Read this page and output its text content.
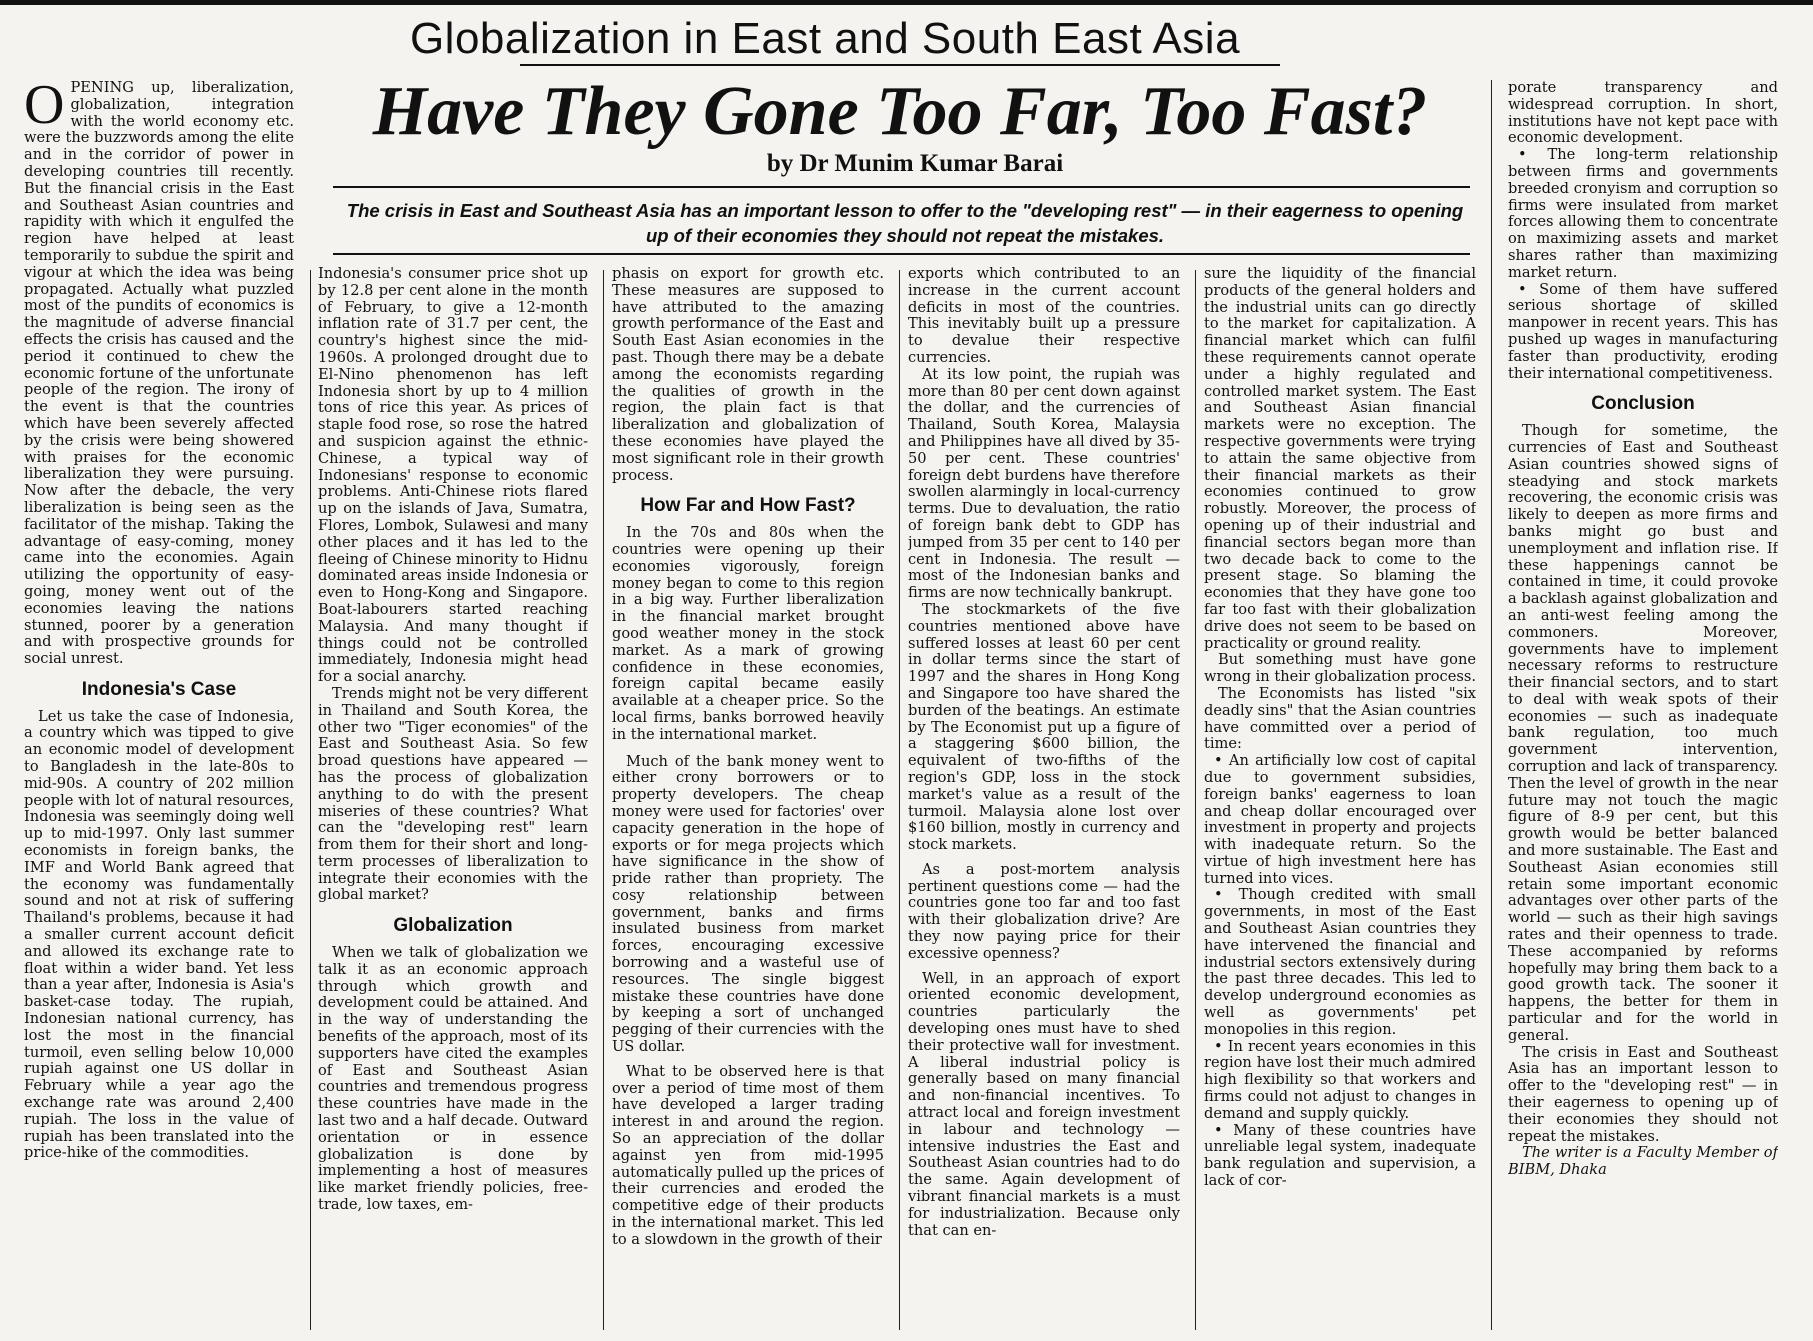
Globalization in East and South East Asia
Have They Gone Too Far, Too Fast?
by Dr Munim Kumar Barai
The crisis in East and Southeast Asia has an important lesson to offer to the "developing rest" — in their eagerness to opening up of their economies they should not repeat the mistakes.

OPENING up, liberalization, globalization, integration with the world economy etc. were the buzzwords among the elite and in the corridor of power in developing countries till recently. But the financial crisis in the East and Southeast Asian countries and rapidity with which it engulfed the region have helped at least temporarily to subdue the spirit and vigour at which the idea was being propagated. Actually what puzzled most of the pundits of economics is the magnitude of adverse financial effects the crisis has caused and the period it continued to chew the economic fortune of the unfortunate people of the region. The irony of the event is that the countries which have been severely affected by the crisis were being showered with praises for the economic liberalization they were pursuing. Now after the debacle, the very liberalization is being seen as the facilitator of the mishap. Taking the advantage of easy-coming, money came into the economies. Again utilizing the opportunity of easy-going, money went out of the economies leaving the nations stunned, poorer by a generation and with prospective grounds for social unrest.

Indonesia's Case

Let us take the case of Indonesia, a country which was tipped to give an economic model of development to Bangladesh in the late-80s to mid-90s. A country of 202 million people with lot of natural resources, Indonesia was seemingly doing well up to mid-1997. Only last summer economists in foreign banks, the IMF and World Bank agreed that the economy was fundamentally sound and not at risk of suffering Thailand's problems, because it had a smaller current account deficit and allowed its exchange rate to float within a wider band. Yet less than a year after, Indonesia is Asia's basket-case today. The rupiah, Indonesian national currency, has lost the most in the financial turmoil, even selling below 10,000 rupiah against one US dollar in February while a year ago the exchange rate was around 2,400 rupiah. The loss in the value of rupiah has been translated into the price-hike of the commodities.

Indonesia's consumer price shot up by 12.8 per cent alone in the month of February, to give a 12-month inflation rate of 31.7 per cent, the country's highest since the mid-1960s. A prolonged drought due to El-Nino phenomenon has left Indonesia short by up to 4 million tons of rice this year. As prices of staple food rose, so rose the hatred and suspicion against the ethnic-Chinese, a typical way of Indonesians' response to economic problems. Anti-Chinese riots flared up on the islands of Java, Sumatra, Flores, Lombok, Sulawesi and many other places and it has led to the fleeing of Chinese minority to Hidnu dominated areas inside Indonesia or even to Hong-Kong and Singapore. Boat-labourers started reaching Malaysia. And many thought if things could not be controlled immediately, Indonesia might head for a social anarchy.

Trends might not be very different in Thailand and South Korea, the other two "Tiger economies" of the East and Southeast Asia. So few broad questions have appeared — has the process of globalization anything to do with the present miseries of these countries? What can the "developing rest" learn from them for their short and long-term processes of liberalization to integrate their economies with the global market?

Globalization

When we talk of globalization we talk it as an economic approach through which growth and development could be attained. And in the way of understanding the benefits of the approach, most of its supporters have cited the examples of East and Southeast Asian countries and tremendous progress these countries have made in the last two and a half decade. Outward orientation or in essence globalization is done by implementing a host of measures like market friendly policies, free-trade, low taxes, em-

phasis on export for growth etc. These measures are supposed to have attributed to the amazing growth performance of the East and South East Asian economies in the past. Though there may be a debate among the economists regarding the qualities of growth in the region, the plain fact is that liberalization and globalization of these economies have played the most significant role in their growth process.

How Far and How Fast?

In the 70s and 80s when the countries were opening up their economies vigorously, foreign money began to come to this region in a big way. Further liberalization in the financial market brought good weather money in the stock market. As a mark of growing confidence in these economies, foreign capital became easily available at a cheaper price. So the local firms, banks borrowed heavily in the international market.

Much of the bank money went to either crony borrowers or to property developers. The cheap money were used for factories' over capacity generation in the hope of exports or for mega projects which have significance in the show of pride rather than propriety. The cosy relationship between government, banks and firms insulated business from market forces, encouraging excessive borrowing and a wasteful use of resources. The single biggest mistake these countries have done by keeping a sort of unchanged pegging of their currencies with the US dollar.

What to be observed here is that over a period of time most of them have developed a larger trading interest in and around the region. So an appreciation of the dollar against yen from mid-1995 automatically pulled up the prices of their currencies and eroded the competitive edge of their products in the international market. This led to a slowdown in the growth of their

exports which contributed to an increase in the current account deficits in most of the countries. This inevitably built up a pressure to devalue their respective currencies.

At its low point, the rupiah was more than 80 per cent down against the dollar, and the currencies of Thailand, South Korea, Malaysia and Philippines have all dived by 35-50 per cent. These countries' foreign debt burdens have therefore swollen alarmingly in local-currency terms. Due to devaluation, the ratio of foreign bank debt to GDP has jumped from 35 per cent to 140 per cent in Indonesia. The result — most of the Indonesian banks and firms are now technically bankrupt.

The stockmarkets of the five countries mentioned above have suffered losses at least 60 per cent in dollar terms since the start of 1997 and the shares in Hong Kong and Singapore too have shared the burden of the beatings. An estimate by The Economist put up a figure of a staggering $600 billion, the equivalent of two-fifths of the region's GDP, loss in the stock market's value as a result of the turmoil. Malaysia alone lost over $160 billion, mostly in currency and stock markets.

As a post-mortem analysis pertinent questions come — had the countries gone too far and too fast with their globalization drive? Are they now paying price for their excessive openness?

Well, in an approach of export oriented economic development, countries particularly the developing ones must have to shed their protective wall for investment. A liberal industrial policy is generally based on many financial and non-financial incentives. To attract local and foreign investment in labour and technology — intensive industries the East and Southeast Asian countries had to do the same. Again development of vibrant financial markets is a must for industrialization. Because only that can en-

sure the liquidity of the financial products of the general holders and the industrial units can go directly to the market for capitalization. A financial market which can fulfil these requirements cannot operate under a highly regulated and controlled market system. The East and Southeast Asian financial markets were no exception. The respective governments were trying to attain the same objective from their financial markets as their economies continued to grow robustly. Moreover, the process of opening up of their industrial and financial sectors began more than two decade back to come to the present stage. So blaming the economies that they have gone too far too fast with their globalization drive does not seem to be based on practicality or ground reality.

But something must have gone wrong in their globalization process.

The Economists has listed "six deadly sins" that the Asian countries have committed over a period of time:

• An artificially low cost of capital due to government subsidies, foreign banks' eagerness to loan and cheap dollar encouraged over investment in property and projects with inadequate return. So the virtue of high investment here has turned into vices.

• Though credited with small governments, in most of the East and Southeast Asian countries they have intervened the financial and industrial sectors extensively during the past three decades. This led to develop underground economies as well as governments' pet monopolies in this region.

• In recent years economies in this region have lost their much admired high flexibility so that workers and firms could not adjust to changes in demand and supply quickly.

• Many of these countries have unreliable legal system, inadequate bank regulation and supervision, a lack of cor-

porate transparency and widespread corruption. In short, institutions have not kept pace with economic development.

• The long-term relationship between firms and governments breeded cronyism and corruption so firms were insulated from market forces allowing them to concentrate on maximizing assets and market shares rather than maximizing market return.

• Some of them have suffered serious shortage of skilled manpower in recent years. This has pushed up wages in manufacturing faster than productivity, eroding their international competitiveness.

Conclusion

Though for sometime, the currencies of East and Southeast Asian countries showed signs of steadying and stock markets recovering, the economic crisis was likely to deepen as more firms and banks might go bust and unemployment and inflation rise. If these happenings cannot be contained in time, it could provoke a backlash against globalization and an anti-west feeling among the commoners. Moreover, governments have to implement necessary reforms to restructure their financial sectors, and to start to deal with weak spots of their economies — such as inadequate bank regulation, too much government intervention, corruption and lack of transparency. Then the level of growth in the near future may not touch the magic figure of 8-9 per cent, but this growth would be better balanced and more sustainable. The East and Southeast Asian economies still retain some important economic advantages over other parts of the world — such as their high savings rates and their openness to trade. These accompanied by reforms hopefully may bring them back to a good growth tack. The sooner it happens, the better for them in particular and for the world in general.

The crisis in East and Southeast Asia has an important lesson to offer to the "developing rest" — in their eagerness to opening up of their economies they should not repeat the mistakes.

The writer is a Faculty Member of BIBM, Dhaka
